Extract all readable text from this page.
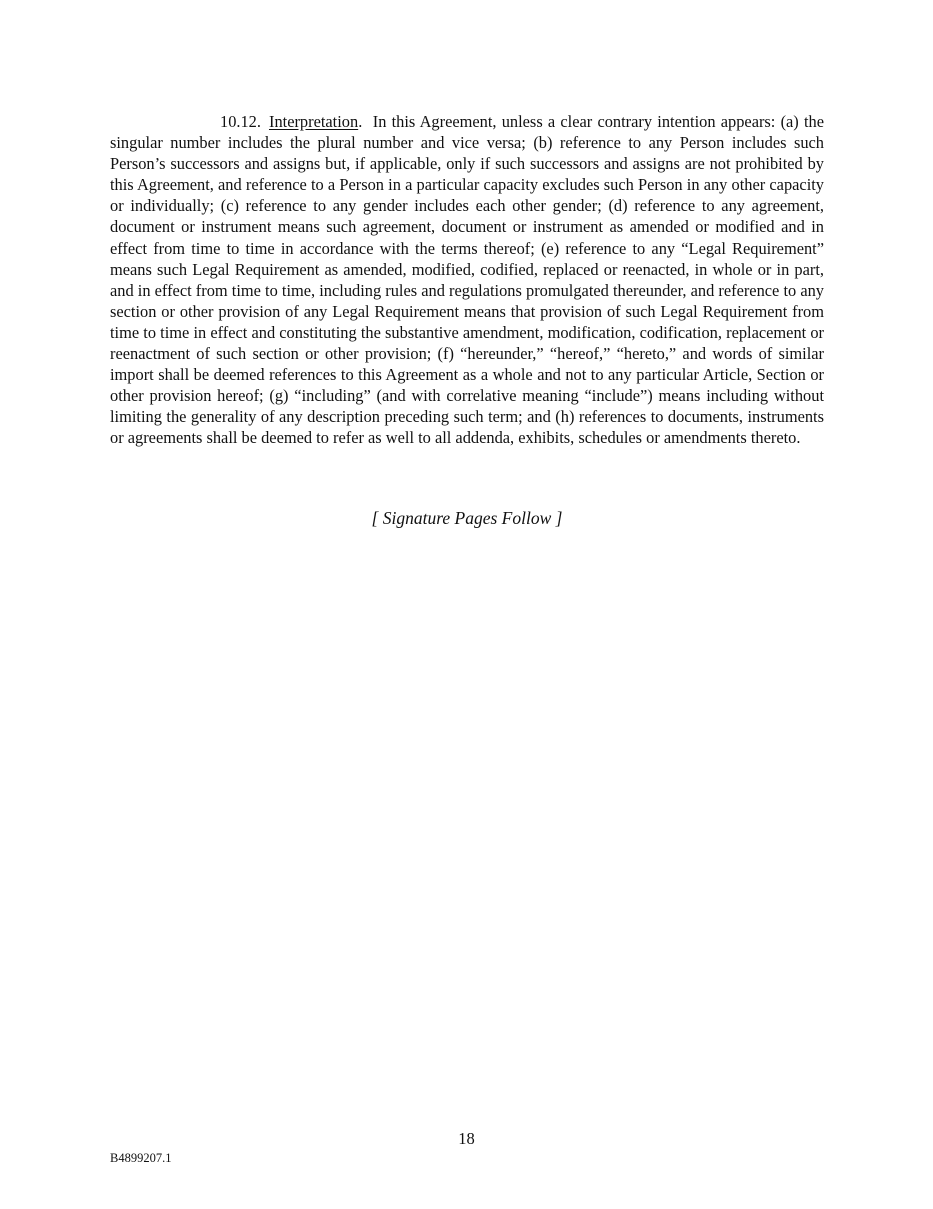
10.12. Interpretation. In this Agreement, unless a clear contrary intention appears: (a) the singular number includes the plural number and vice versa; (b) reference to any Person includes such Person’s successors and assigns but, if applicable, only if such successors and assigns are not prohibited by this Agreement, and reference to a Person in a particular capacity excludes such Person in any other capacity or individually; (c) reference to any gender includes each other gender; (d) reference to any agreement, document or instrument means such agreement, document or instrument as amended or modified and in effect from time to time in accordance with the terms thereof; (e) reference to any “Legal Requirement” means such Legal Requirement as amended, modified, codified, replaced or reenacted, in whole or in part, and in effect from time to time, including rules and regulations promulgated thereunder, and reference to any section or other provision of any Legal Requirement means that provision of such Legal Requirement from time to time in effect and constituting the substantive amendment, modification, codification, replacement or reenactment of such section or other provision; (f) “hereunder,” “hereof,” “hereto,” and words of similar import shall be deemed references to this Agreement as a whole and not to any particular Article, Section or other provision hereof; (g) “including” (and with correlative meaning “include”) means including without limiting the generality of any description preceding such term; and (h) references to documents, instruments or agreements shall be deemed to refer as well to all addenda, exhibits, schedules or amendments thereto.

[ Signature Pages Follow ]

18

B4899207.1
